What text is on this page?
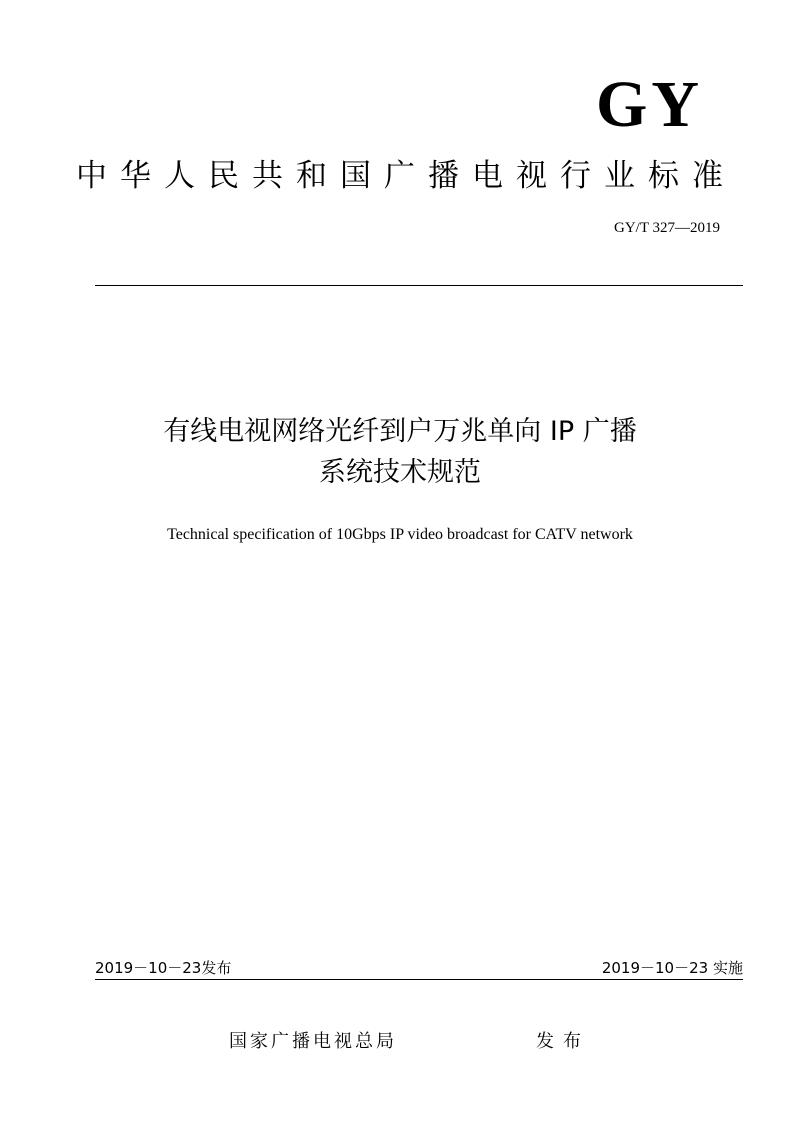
GY
中华人民共和国广播电视行业标准
GY/T 327—2019
有线电视网络光纤到户万兆单向 IP 广播
系统技术规范
Technical specification of 10Gbps IP video broadcast for CATV network
2019－10－23发布	2019－10－23 实施
国家广播电视总局	发布
